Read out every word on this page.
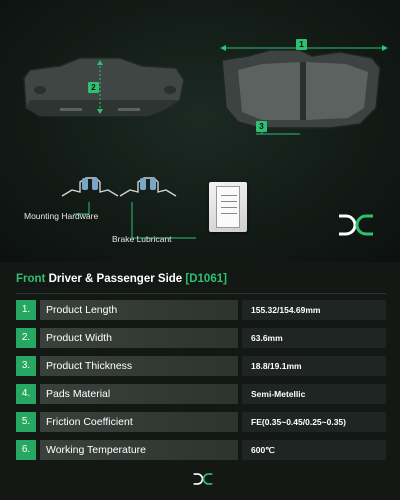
1
2
3
Mounting Hardware
Brake Lubricant
Front Driver & Passenger Side [D1061]
1.	Product Length	155.32/154.69mm
2.	Product Width	63.6mm
3.	Product Thickness	18.8/19.1mm
4.	Pads Material	Semi-Metellic
5.	Friction Coefficient	FE(0.35~0.45/0.25~0.35)
6.	Working Temperature	600℃
